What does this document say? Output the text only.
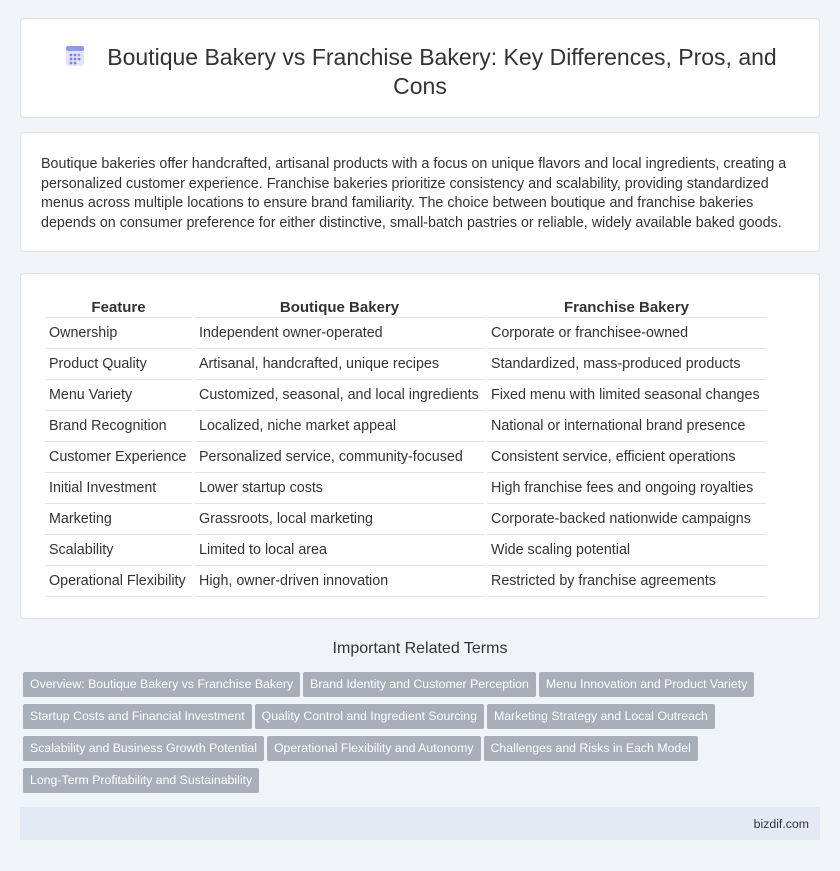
Boutique Bakery vs Franchise Bakery: Key Differences, Pros, and Cons

Boutique bakeries offer handcrafted, artisanal products with a focus on unique flavors and local ingredients, creating a personalized customer experience. Franchise bakeries prioritize consistency and scalability, providing standardized menus across multiple locations to ensure brand familiarity. The choice between boutique and franchise bakeries depends on consumer preference for either distinctive, small-batch pastries or reliable, widely available baked goods.

Feature	Boutique Bakery	Franchise Bakery
Ownership	Independent owner-operated	Corporate or franchisee-owned
Product Quality	Artisanal, handcrafted, unique recipes	Standardized, mass-produced products
Menu Variety	Customized, seasonal, and local ingredients	Fixed menu with limited seasonal changes
Brand Recognition	Localized, niche market appeal	National or international brand presence
Customer Experience	Personalized service, community-focused	Consistent service, efficient operations
Initial Investment	Lower startup costs	High franchise fees and ongoing royalties
Marketing	Grassroots, local marketing	Corporate-backed nationwide campaigns
Scalability	Limited to local area	Wide scaling potential
Operational Flexibility	High, owner-driven innovation	Restricted by franchise agreements
Important Related Terms
Overview: Boutique Bakery vs Franchise Bakery Brand Identity and Customer Perception Menu Innovation and Product Variety
Startup Costs and Financial Investment Quality Control and Ingredient Sourcing Marketing Strategy and Local Outreach
Scalability and Business Growth Potential Operational Flexibility and Autonomy Challenges and Risks in Each Model
Long-Term Profitability and Sustainability
bizdif.com
